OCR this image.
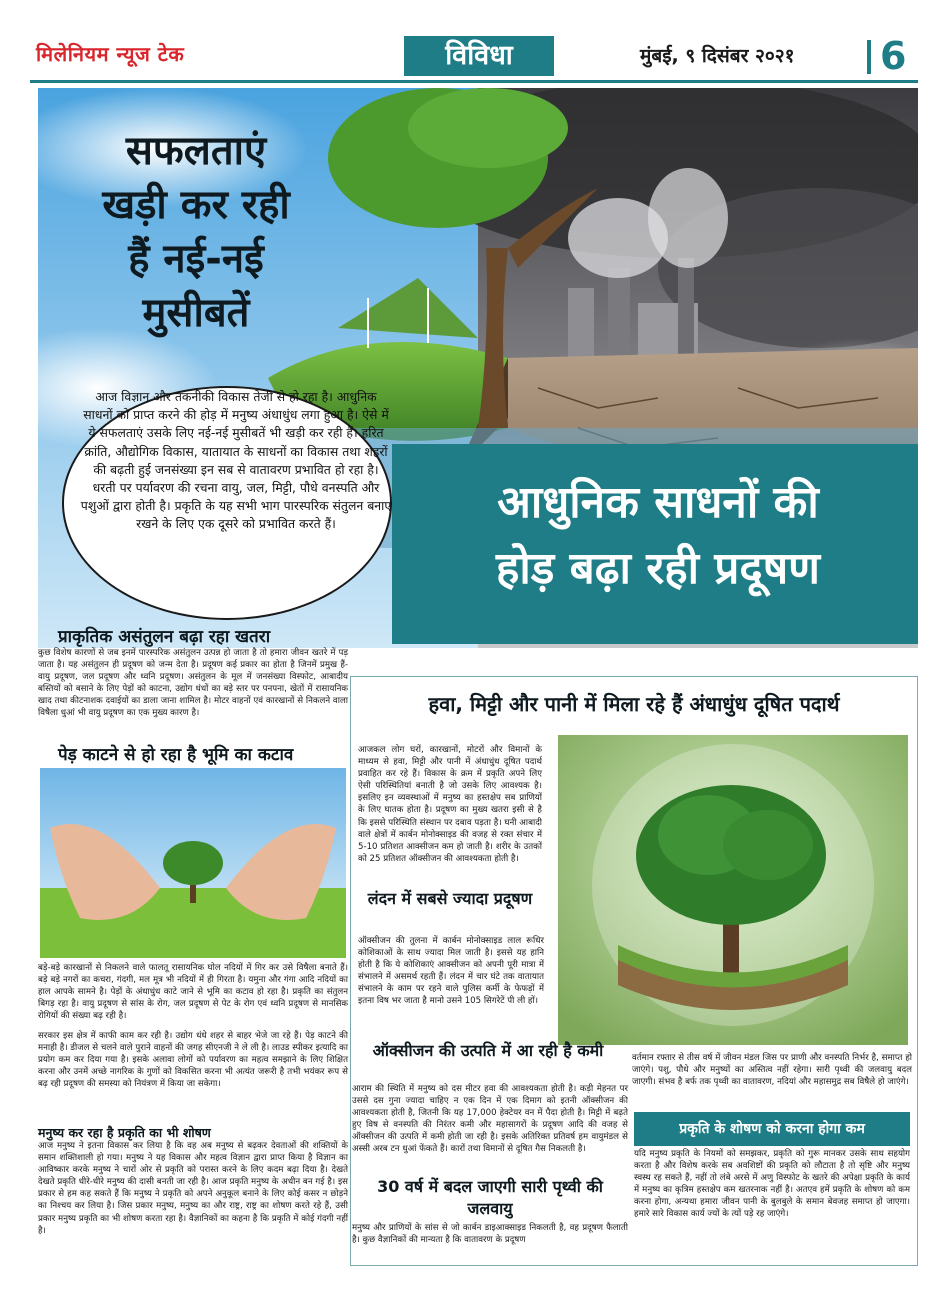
मिलेनियम न्यूज टेक	विविधा	मुंबई, ९ दिसंबर २०२१ 6
सफलताएं
खड़ी कर रही
हैं नई-नई
मुसीबतें
आधुनिक साधनों की
होड़ बढ़ा रही प्रदूषण
आज विज्ञान और तकनीकी विकास तेजी से हो रहा है। आधुनिक साधनों को प्राप्त करने की होड़ में मनुष्य अंधाधुंध लगा हुआ है। ऐसे में ये सफलताएं उसके लिए नई-नई मुसीबतें भी खड़ी कर रही हैं। हरित क्रांति, औद्योगिक विकास, यातायात के साधनों का विकास तथा शहरों की बढ़ती हुई जनसंख्या इन सब से वातावरण प्रभावित हो रहा है। धरती पर पर्यावरण की रचना वायु, जल, मिट्टी, पौधे वनस्पति और पशुओं द्वारा होती है। प्रकृति के यह सभी भाग पारस्परिक संतुलन बनाए रखने के लिए एक दूसरे को प्रभावित करते हैं।
प्राकृतिक असंतुलन बढ़ा रहा खतरा
कुछ विशेष कारणों से जब इनमें पारस्परिक असंतुलन उत्पन्न हो जाता है तो हमारा जीवन खतरे में पड़ जाता है। यह असंतुलन ही प्रदूषण को जन्म देता है। प्रदूषण कई प्रकार का होता है जिनमें प्रमुख हैं- वायु प्रदूषण, जल प्रदूषण और ध्वनि प्रदूषण। असंतुलन के मूल में जनसंख्या विस्फोट, आबादीय बस्तियों को बसाने के लिए पेड़ों को काटना, उद्योग धंधों का बड़े स्तर पर पनपना, खेतों में रासायनिक खाद तथा कीटनाशक दवाईयों का डाला जाना शामिल है। मोटर वाहनों एवं कारखानों से निकलने वाला विषैला धुआं भी वायु प्रदूषण का एक मुख्य कारण है।
पेड़ काटने से हो रहा है भूमि का कटाव
बड़े-बड़े कारखानों से निकलने वाले फालतू रासायनिक घोल नदियों में गिर कर उसे विषैला बनाते हैं। बड़े बड़े नगरों का कचरा, गंदगी, मल मूत्र भी नदियों में ही गिरता है। यमुना और गंगा आदि नदियों का हाल आपके सामने है। पेड़ों के अंधाधुंध काटे जाने से भूमि का कटाव हो रहा है। प्रकृति का संतुलन बिगड़ रहा है। वायु प्रदूषण से सांस के रोग, जल प्रदूषण से पेट के रोग एवं ध्वनि प्रदूषण से मानसिक रोगियों की संख्या बढ़ रही है।
सरकार इस क्षेत्र में काफी काम कर रही है। उद्योग धंधे शहर से बाहर भेजे जा रहे हैं। पेड़ काटने की मनाही है। डीजल से चलने वाले पुराने वाहनों की जगह सीएनजी ने ले ली है। लाउड स्पीकर इत्यादि का प्रयोग कम कर दिया गया है। इसके अलावा लोगों को पर्यावरण का महत्व समझाने के लिए शिक्षित करना और उनमें अच्छे नागरिक के गुणों को विकसित करना भी अत्यंत जरूरी है तभी भयंकर रूप से बढ़ रही प्रदूषण की समस्या को नियंत्रण में किया जा सकेगा।
मनुष्य कर रहा है प्रकृति का भी शोषण
आज मनुष्य ने इतना विकास कर लिया है कि वह अब मनुष्य से बढ़कर देवताओं की शक्तियों के समान शक्तिशाली हो गया। मनुष्य ने यह विकास और महत्व विज्ञान द्वारा प्राप्त किया है विज्ञान का आविष्कार करके मनुष्य ने चारों ओर से प्रकृति को परास्त करने के लिए कदम बढ़ा दिया है। देखते देखते प्रकृति धीरे-धीरे मनुष्य की दासी बनती जा रही है। आज प्रकृति मनुष्य के अधीन बन गई है। इस प्रकार से हम कह सकते हैं कि मनुष्य ने प्रकृति को अपने अनुकूल बनाने के लिए कोई कसर न छोड़ने का निश्चय कर लिया है। जिस प्रकार मनुष्य, मनुष्य का और राष्ट्र, राष्ट्र का शोषण करते रहे हैं, उसी प्रकार मनुष्य प्रकृति का भी शोषण करता रहा है। वैज्ञानिकों का कहना है कि प्रकृति में कोई गंदगी नहीं है।
हवा, मिट्टी और पानी में मिला रहे हैं अंधाधुंध दूषित पदार्थ
आजकल लोग घरों, कारखानों, मोटरों और विमानों के माध्यम से हवा, मिट्टी और पानी में अंधाधुंध दूषित पदार्थ प्रवाहित कर रहे हैं। विकास के क्रम में प्रकृति अपने लिए ऐसी परिस्थितियां बनाती है जो उसके लिए आवश्यक है। इसलिए इन व्यवस्थाओं में मनुष्य का हस्तक्षेप सब प्राणियों के लिए घातक होता है। प्रदूषण का मुख्य खतरा इसी से है कि इससे परिस्थिति संस्थान पर दबाव पड़ता है। घनी आबादी वाले क्षेत्रों में कार्बन मोनोक्साइड की वजह से रक्त संचार में 5-10 प्रतिशत आक्सीजन कम हो जाती है। शरीर के उतकों को 25 प्रतिशत ऑक्सीजन की आवश्यकता होती है।
लंदन में सबसे ज्यादा प्रदूषण
ऑक्सीजन की तुलना में कार्बन मोनोक्साइड लाल रूधिर कोशिकाओं के साथ ज्यादा मिल जाती है। इससे यह हानि होती है कि ये कोशिकाएं आक्सीजन को अपनी पूरी मात्रा में संभालने में असमर्थ रहती हैं। लंदन में चार घंटे तक वातायात संभालने के काम पर रहने वाले पुलिस कर्मी के फेफड़ों में इतना विष भर जाता है मानो उसने 105 सिगरेटें पी ली हों।
ऑक्सीजन की उत्पति में आ रही है कमी
आराम की स्थिति में मनुष्य को दस मीटर हवा की आवश्यकता होती है। कड़ी मेहनत पर उससे दस गुना ज्यादा चाहिए न एक दिन में एक दिमाग को इतनी ऑक्सीजन की आवश्यकता होती है, जितनी कि यह 17,000 हेक्टेयर वन में पैदा होती है। मिट्टी में बढ़ते हुए विष से वनस्पति की निरंतर कमी और महासागरों के प्रदूषण आदि की वजह से ऑक्सीजन की उत्पति में कमी होती जा रही है। इसके अतिरिक्त प्रतिवर्ष हम वायुमंडल से अस्सी अरब टन धुआं फेंकते हैं। कारों तथा विमानों से दूषित गैस निकलती है।
30 वर्ष में बदल जाएगी सारी पृथ्वी की जलवायु
मनुष्य और प्राणियों के सांस से जो कार्बन डाइआक्साइड निकलती है, वह प्रदूषण फैलाती है। कुछ वैज्ञानिकों की मान्यता है कि वातावरण के प्रदूषण
वर्तमान रफ्तार से तीस वर्ष में जीवन मंडल जिस पर प्राणी और वनस्पति निर्भर है, समाप्त हो जाएंगे। पशु, पौधे और मनुष्यों का अस्तित्व नहीं रहेगा। सारी पृथ्वी की जलवायु बदल जाएगी। संभव है बर्फ तक पृथ्वी का वातावरण, नदियां और महासमुद्र सब विषैले हो जाएंगे।
प्रकृति के शोषण को करना होगा कम
यदि मनुष्य प्रकृति के नियमों को समझकर, प्रकृति को गुरू मानकर उसके साथ सहयोग करता है और विशेष करके सब अवशिष्टों की प्रकृति को लौटाता है तो सृष्टि और मनुष्य स्वस्थ रह सकते हैं, नहीं तो लंबे अरसे में अणु विस्फोट के खतरे की अपेक्षा प्रकृति के कार्य में मनुष्य का कृत्रिम हस्तक्षेप कम खतरनाक नहीं है। अतएव हमें प्रकृति के शोषण को कम करना होगा, अन्यथा हमारा जीवन पानी के बुलबुले के समान बेवजह समाप्त हो जाएगा। हमारे सारे विकास कार्य ज्यों के त्यों पड़े रह जाएंगे।
